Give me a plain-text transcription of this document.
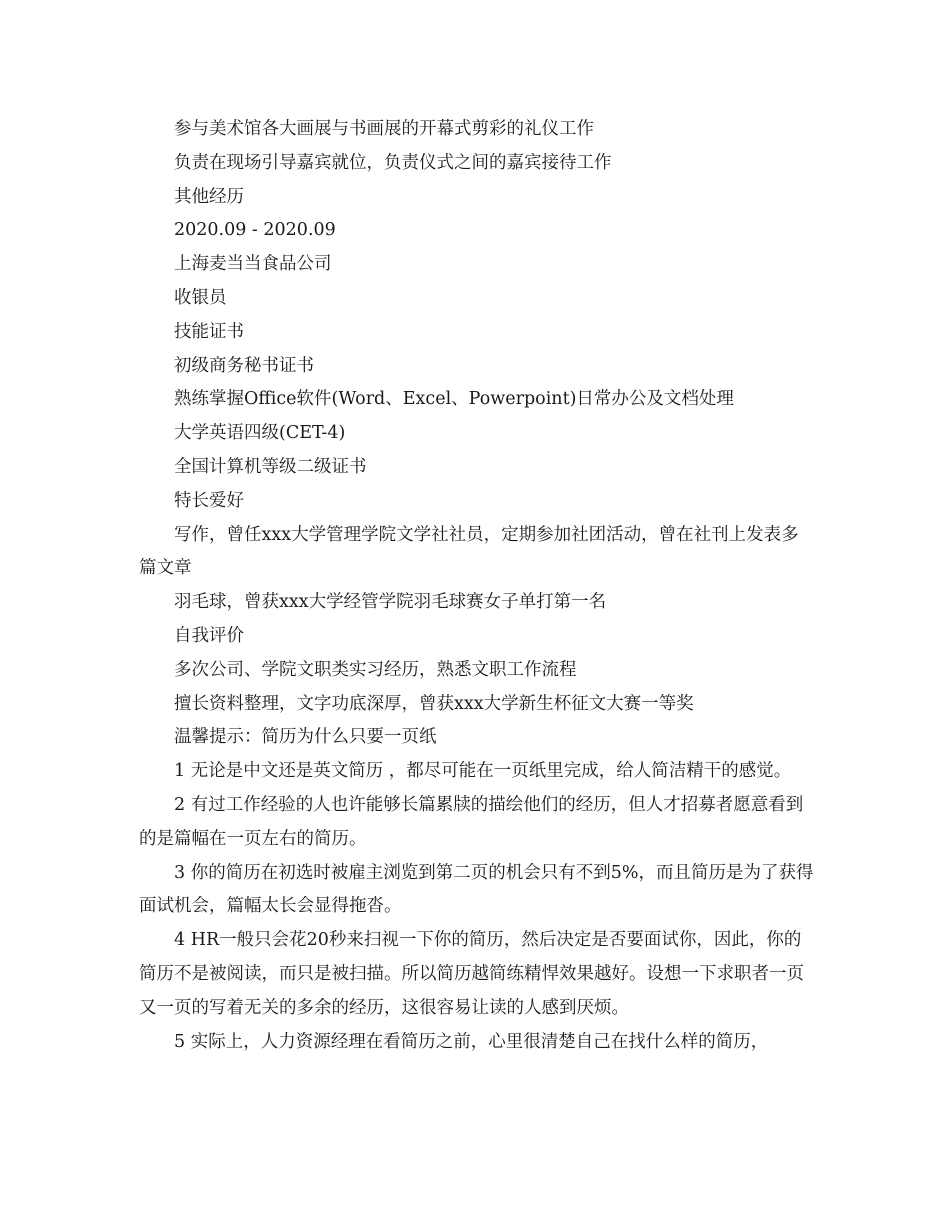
参与美术馆各大画展与书画展的开幕式剪彩的礼仪工作

负责在现场引导嘉宾就位，负责仪式之间的嘉宾接待工作

其他经历

2020.09 - 2020.09

上海麦当当食品公司

收银员

技能证书

初级商务秘书证书

熟练掌握Office软件(Word、Excel、Powerpoint)日常办公及文档处理

大学英语四级(CET-4)

全国计算机等级二级证书

特长爱好

写作，曾任xxx大学管理学院文学社社员，定期参加社团活动，曾在社刊上发表多篇文章

羽毛球，曾获xxx大学经管学院羽毛球赛女子单打第一名

自我评价

多次公司、学院文职类实习经历，熟悉文职工作流程

擅长资料整理，文字功底深厚，曾获xxx大学新生杯征文大赛一等奖

温馨提示：简历为什么只要一页纸

1 无论是中文还是英文简历 ，都尽可能在一页纸里完成，给人简洁精干的感觉。

2 有过工作经验的人也许能够长篇累牍的描绘他们的经历，但人才招募者愿意看到的是篇幅在一页左右的简历。

3 你的简历在初选时被雇主浏览到第二页的机会只有不到5%，而且简历是为了获得面试机会，篇幅太长会显得拖沓。

4 HR一般只会花20秒来扫视一下你的简历，然后决定是否要面试你，因此，你的简历不是被阅读，而只是被扫描。所以简历越简练精悍效果越好。设想一下求职者一页又一页的写着无关的多余的经历，这很容易让读的人感到厌烦。

5 实际上，人力资源经理在看简历之前，心里很清楚自己在找什么样的简历，
